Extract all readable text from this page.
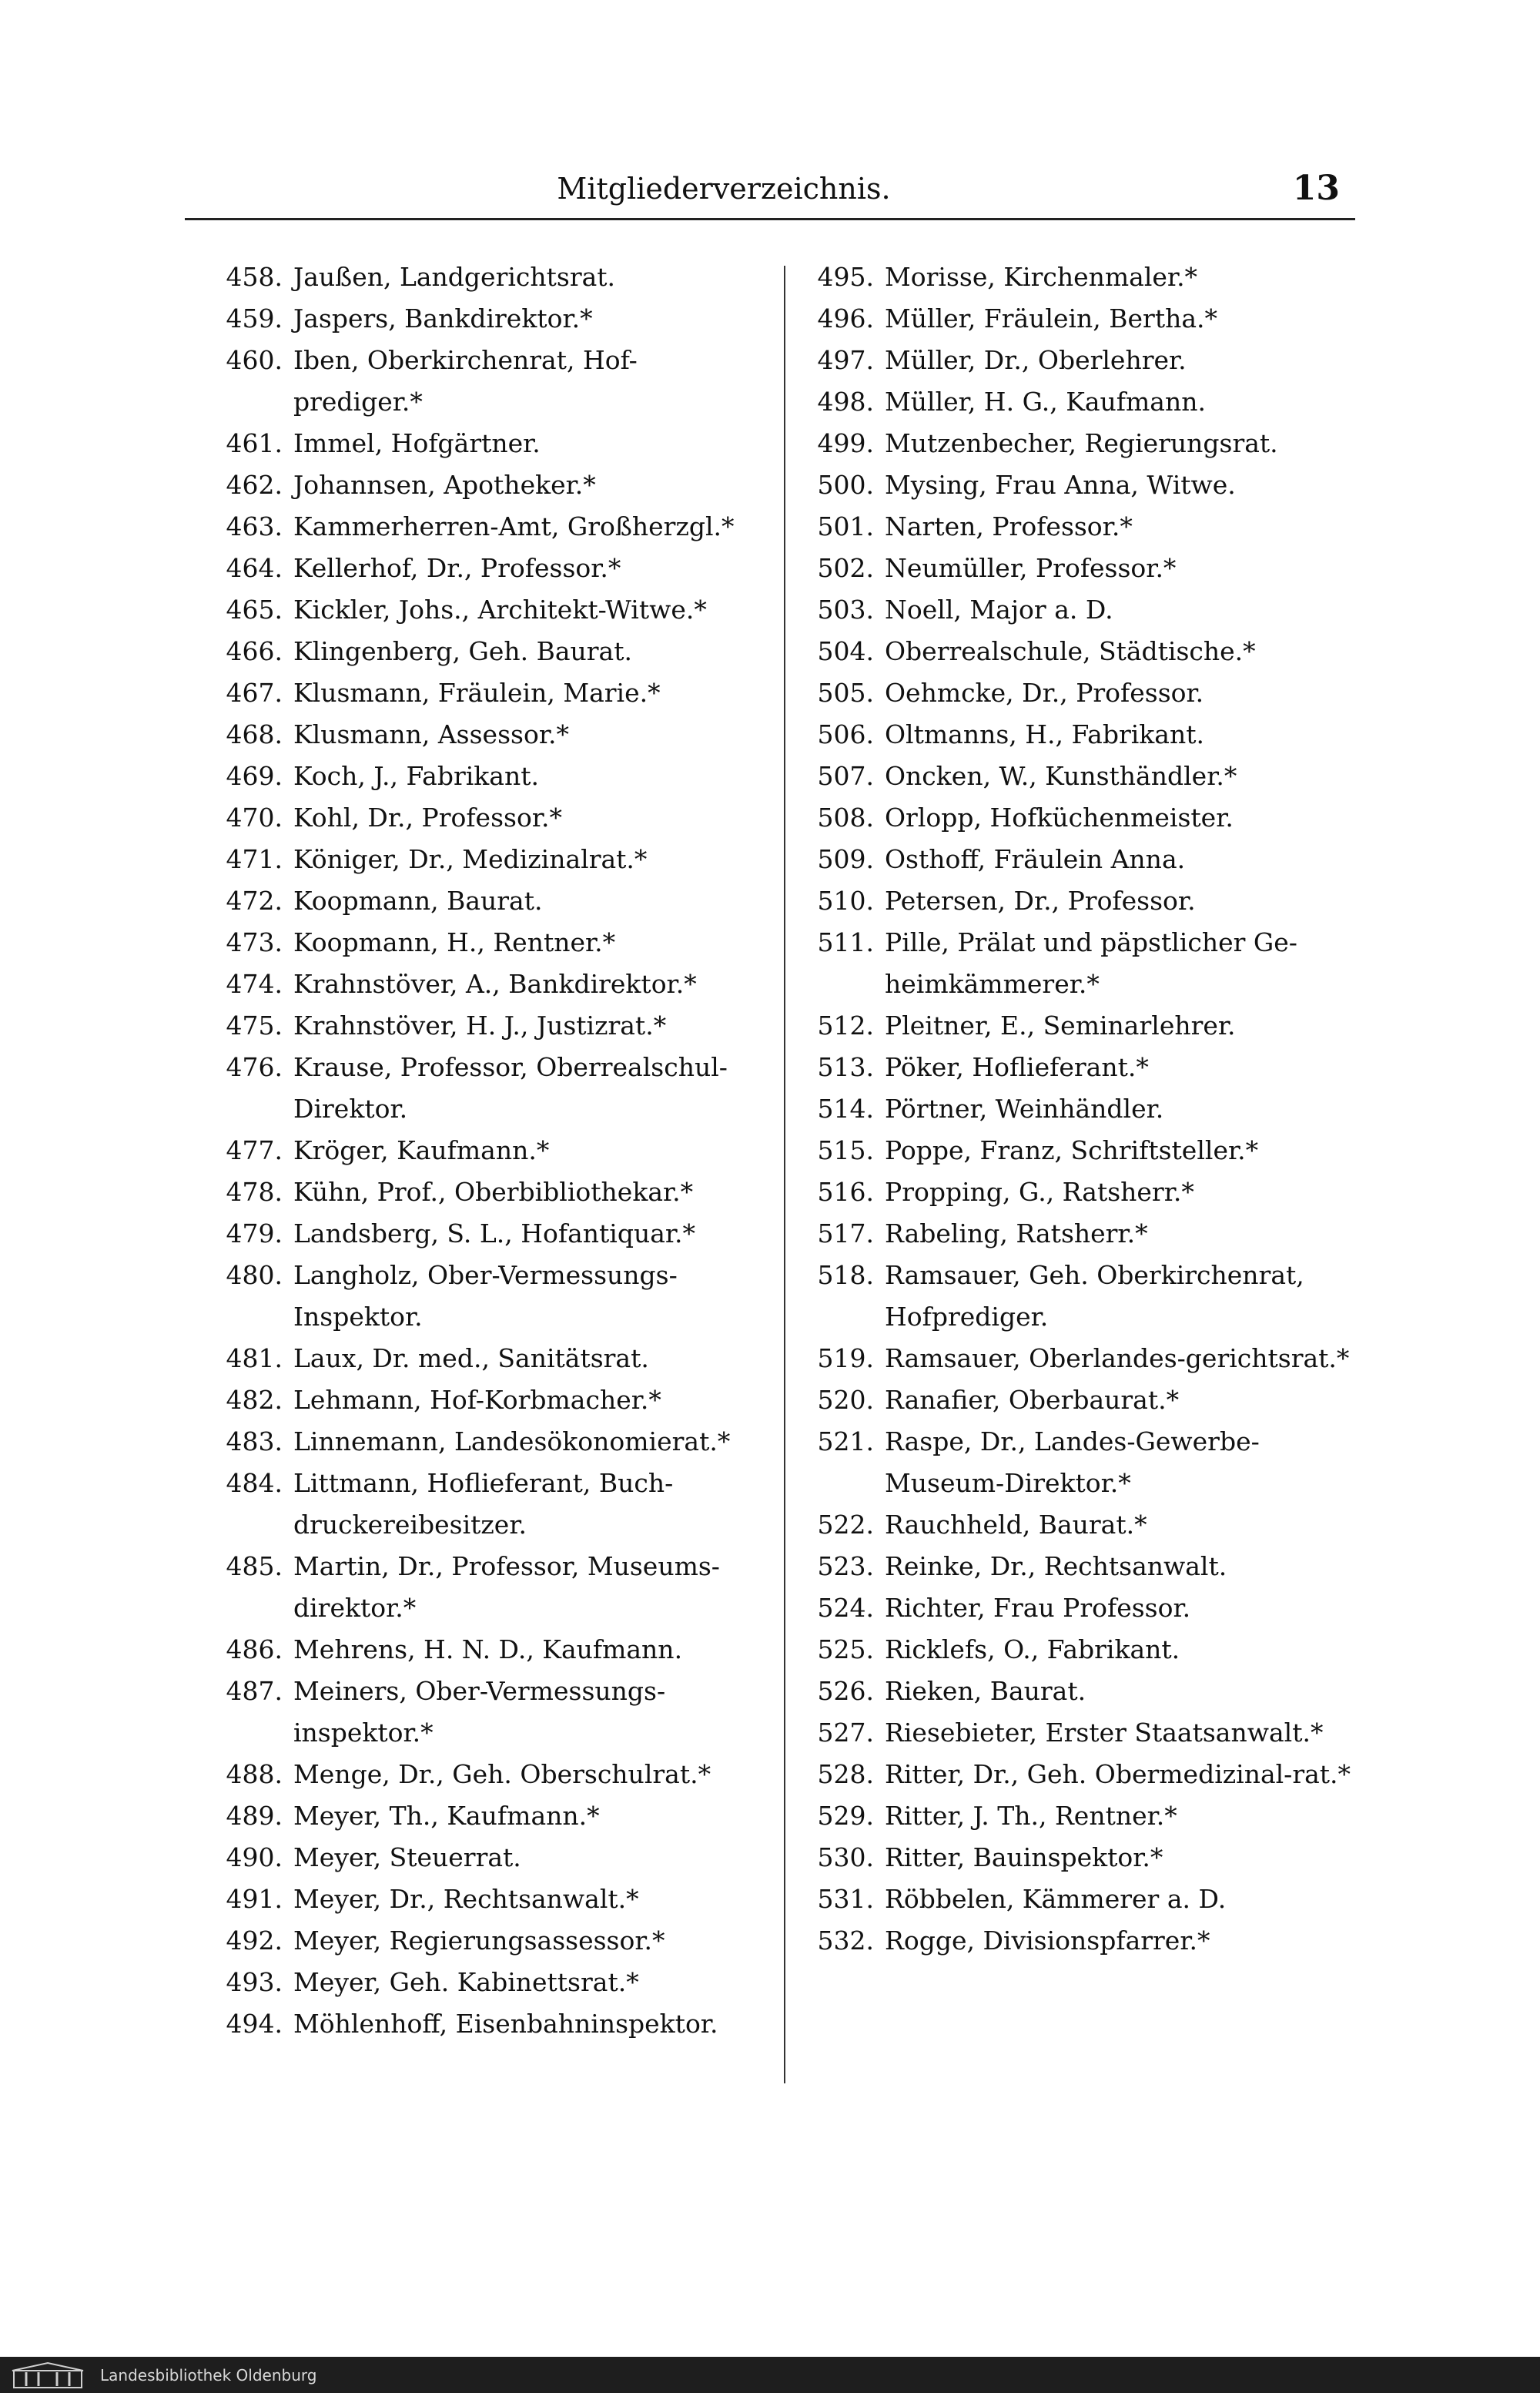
Mitgliederverzeichnis.	13
458. Jaußen, Landgerichtsrat.
459. Jaspers, Bankdirektor.*
460. Iben, Oberkirchenrat, Hof-prediger.*
461. Immel, Hofgärtner.
462. Johannsen, Apotheker.*
463. Kammerherren-Amt, Großherzgl.*
464. Kellerhof, Dr., Professor.*
465. Kickler, Johs., Architekt-Witwe.*
466. Klingenberg, Geh. Baurat.
467. Klusmann, Fräulein, Marie.*
468. Klusmann, Assessor.*
469. Koch, J., Fabrikant.
470. Kohl, Dr., Professor.*
471. Königer, Dr., Medizinalrat.*
472. Koopmann, Baurat.
473. Koopmann, H., Rentner.*
474. Krahnstöver, A., Bankdirektor.*
475. Krahnstöver, H. J., Justizrat.*
476. Krause, Professor, Oberrealschul-Direktor.
477. Kröger, Kaufmann.*
478. Kühn, Prof., Oberbibliothekar.*
479. Landsberg, S. L., Hofantiquar.*
480. Langholz, Ober-Vermessungs-Inspektor.
481. Laux, Dr. med., Sanitätsrat.
482. Lehmann, Hof-Korbmacher.*
483. Linnemann, Landesökonomierat.*
484. Littmann, Hoflieferant, Buch-druckereibesitzer.
485. Martin, Dr., Professor, Museums-direktor.*
486. Mehrens, H. N. D., Kaufmann.
487. Meiners, Ober-Vermessungs-inspektor.*
488. Menge, Dr., Geh. Oberschulrat.*
489. Meyer, Th., Kaufmann.*
490. Meyer, Steuerrat.
491. Meyer, Dr., Rechtsanwalt.*
492. Meyer, Regierungsassessor.*
493. Meyer, Geh. Kabinettsrat.*
494. Möhlenhoff, Eisenbahninspektor.
495. Morisse, Kirchenmaler.*
496. Müller, Fräulein, Bertha.*
497. Müller, Dr., Oberlehrer.
498. Müller, H. G., Kaufmann.
499. Mutzenbecher, Regierungsrat.
500. Mysing, Frau Anna, Witwe.
501. Narten, Professor.*
502. Neumüller, Professor.*
503. Noell, Major a. D.
504. Oberrealschule, Städtische.*
505. Oehmcke, Dr., Professor.
506. Oltmanns, H., Fabrikant.
507. Oncken, W., Kunsthändler.*
508. Orlopp, Hofküchenmeister.
509. Osthoff, Fräulein Anna.
510. Petersen, Dr., Professor.
511. Pille, Prälat und päpstlicher Ge-heimkämmerer.*
512. Pleitner, E., Seminarlehrer.
513. Pöker, Hoflieferant.*
514. Pörtner, Weinhändler.
515. Poppe, Franz, Schriftsteller.*
516. Propping, G., Ratsherr.*
517. Rabeling, Ratsherr.*
518. Ramsauer, Geh. Oberkirchenrat, Hofprediger.
519. Ramsauer, Oberlandes-gerichtsrat.*
520. Ranafier, Oberbaurat.*
521. Raspe, Dr., Landes-Gewerbe-Museum-Direktor.*
522. Rauchheld, Baurat.*
523. Reinke, Dr., Rechtsanwalt.
524. Richter, Frau Professor.
525. Ricklefs, O., Fabrikant.
526. Rieken, Baurat.
527. Riesebieter, Erster Staatsanwalt.*
528. Ritter, Dr., Geh. Obermedizinal-rat.*
529. Ritter, J. Th., Rentner.*
530. Ritter, Bauinspektor.*
531. Röbbelen, Kämmerer a. D.
532. Rogge, Divisionspfarrer.*
Landesbibliothek Oldenburg
